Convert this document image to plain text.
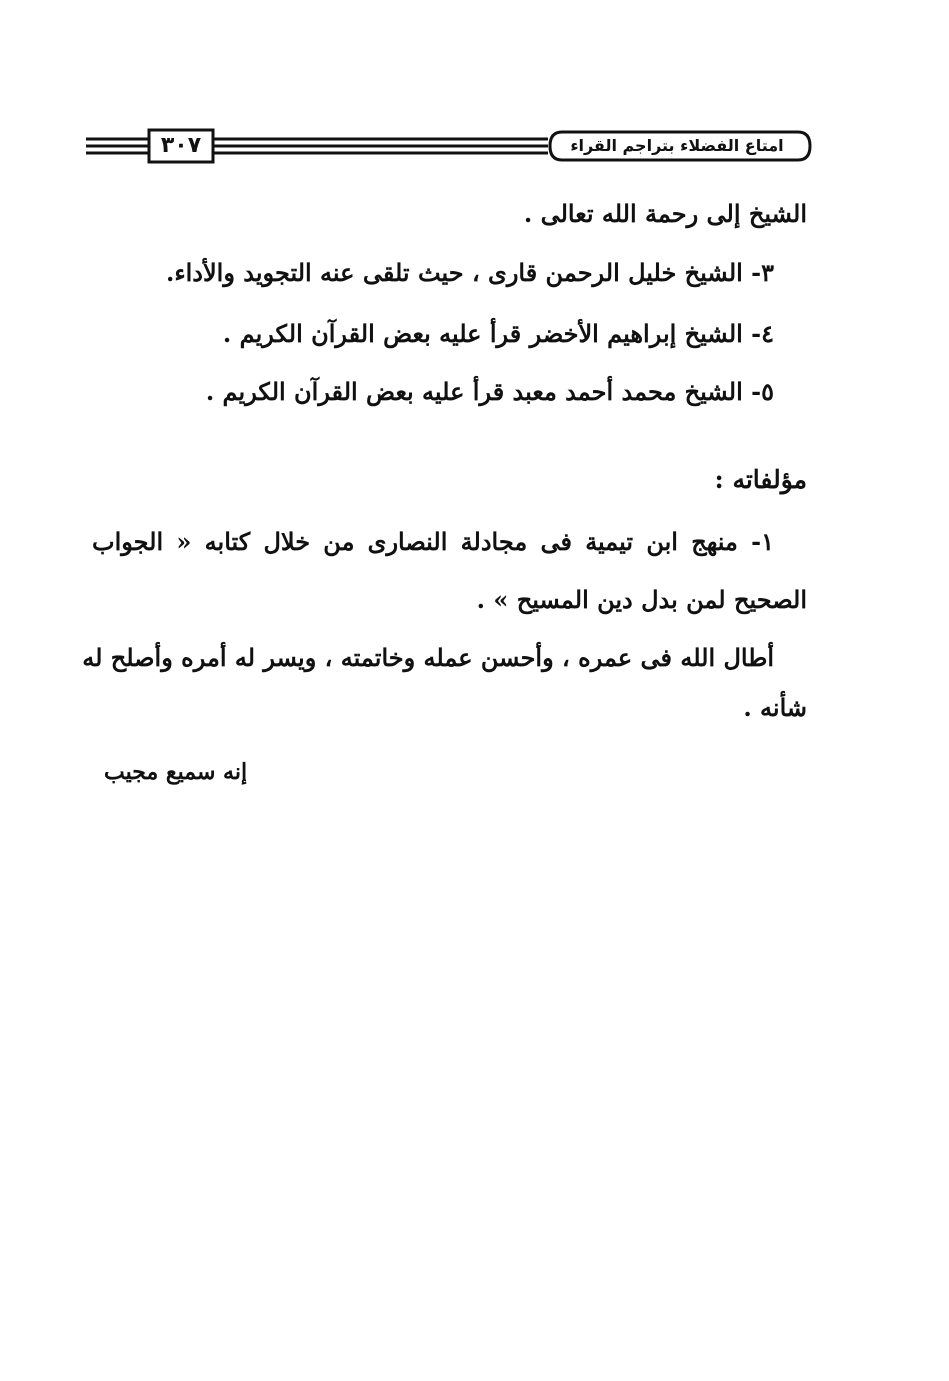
٣٠٧	امتاع الفضلاء بتراجم القراء
الشيخ إلى رحمة الله تعالى .
٣- الشيخ خليل الرحمن قارى ، حيث تلقى عنه التجويد والأداء.
٤- الشيخ إبراهيم الأخضر قرأ عليه بعض القرآن الكريم .
٥- الشيخ محمد أحمد معبد قرأ عليه بعض القرآن الكريم .
مؤلفاته :
١- منهج ابن تيمية فى مجادلة النصارى من خلال كتابه « الجواب
الصحيح لمن بدل دين المسيح » .
أطال الله فى عمره ، وأحسن عمله وخاتمته ، ويسر له أمره وأصلح له
شأنه .
إنه سميع مجيب
